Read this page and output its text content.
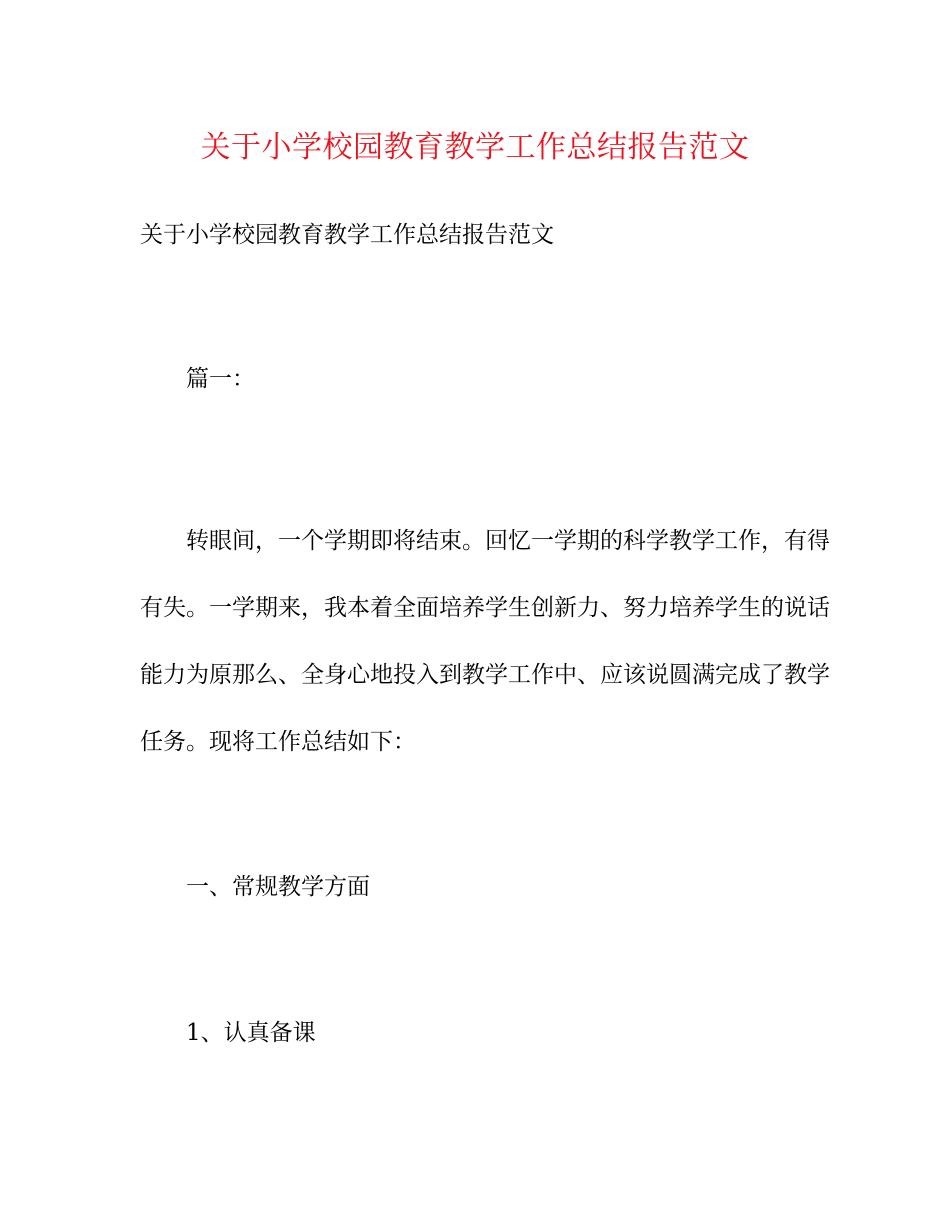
关于小学校园教育教学工作总结报告范文

关于小学校园教育教学工作总结报告范文

篇一：

转眼间，一个学期即将结束。回忆一学期的科学教学工作，有得
有失。一学期来，我本着全面培养学生创新力、努力培养学生的说话
能力为原那么、全身心地投入到教学工作中、应该说圆满完成了教学
任务。现将工作总结如下：

一、常规教学方面

1、认真备课
